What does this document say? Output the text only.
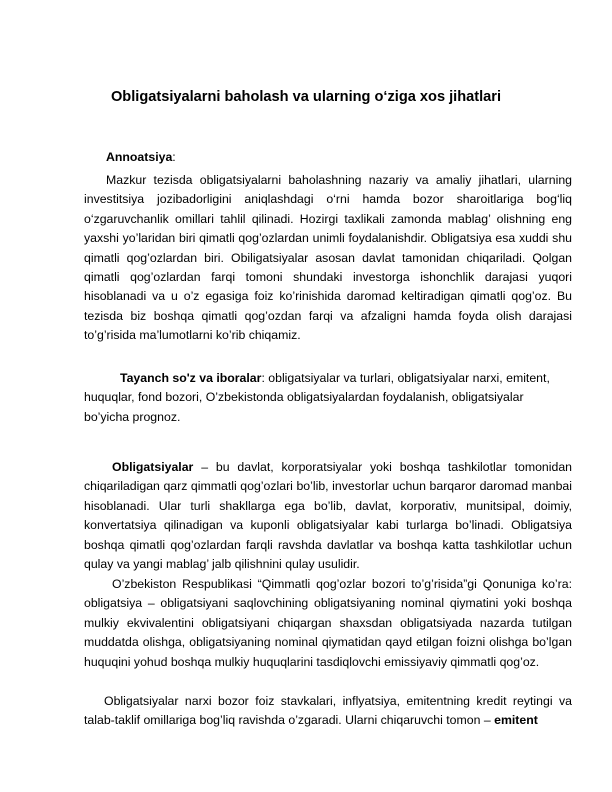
Obligatsiyalarni baholash va ularning o‘ziga xos jihatlari
Annoatsiya:
Mazkur tezisda obligatsiyalarni baholashning nazariy va amaliy jihatlari, ularning investitsiya jozibadorligini aniqlashdagi o‘rni hamda bozor sharoitlariga bog‘liq o‘zgaruvchanlik omillari tahlil qilinadi. Hozirgi taxlikali zamonda mablag’ olishning eng yaxshi yo’laridan biri qimatli qog’ozlardan unimli foydalanishdir. Obligatsiya esa xuddi shu qimatli qog’ozlardan biri. Obiligatsiyalar asosan davlat tamonidan chiqariladi. Qolgan qimatli qog’ozlardan farqi tomoni shundaki investorga ishonchlik darajasi yuqori hisoblanadi va u o’z egasiga foiz ko’rinishida daromad keltiradigan qimatli qog’oz. Bu tezisda biz boshqa qimatli qog’ozdan farqi va afzaligni hamda foyda olish darajasi to’g’risida ma’lumotlarni ko’rib chiqamiz.
Tayanch so'z va iboralar: obligatsiyalar va turlari, obligatsiyalar narxi, emitent, huquqlar, fond bozori, O’zbekistonda obligatsiyalardan foydalanish, obligatsiyalar bo’yicha prognoz.
Obligatsiyalar – bu davlat, korporatsiyalar yoki boshqa tashkilotlar tomonidan chiqariladigan qarz qimmatli qog’ozlari bo’lib, investorlar uchun barqaror daromad manbai hisoblanadi. Ular turli shakllarga ega bo’lib, davlat, korporativ, munitsipal, doimiy, konvertatsiya qilinadigan va kuponli obligatsiyalar kabi turlarga bo’linadi. Obligatsiya boshqa qimatli qog’ozlardan farqli ravshda davlatlar va boshqa katta tashkilotlar uchun qulay va yangi mablag’ jalb qilishnini qulay usulidir.
O’zbekiston Respublikasi “Qimmatli qog’ozlar bozori to’g’risida”gi Qonuniga ko’ra: obligatsiya – obligatsiyani saqlovchining obligatsiyaning nominal qiymatini yoki boshqa mulkiy ekvivalentini obligatsiyani chiqargan shaxsdan obligatsiyada nazarda tutilgan muddatda olishga, obligatsiyaning nominal qiymatidan qayd etilgan foizni olishga bo’lgan huquqini yohud boshqa mulkiy huquqlarini tasdiqlovchi emissiyaviy qimmatli qog’oz.
Obligatsiyalar narxi bozor foiz stavkalari, inflyatsiya, emitentning kredit reytingi va talab-taklif omillariga bog’liq ravishda o’zgaradi. Ularni chiqaruvchi tomon – emitent
